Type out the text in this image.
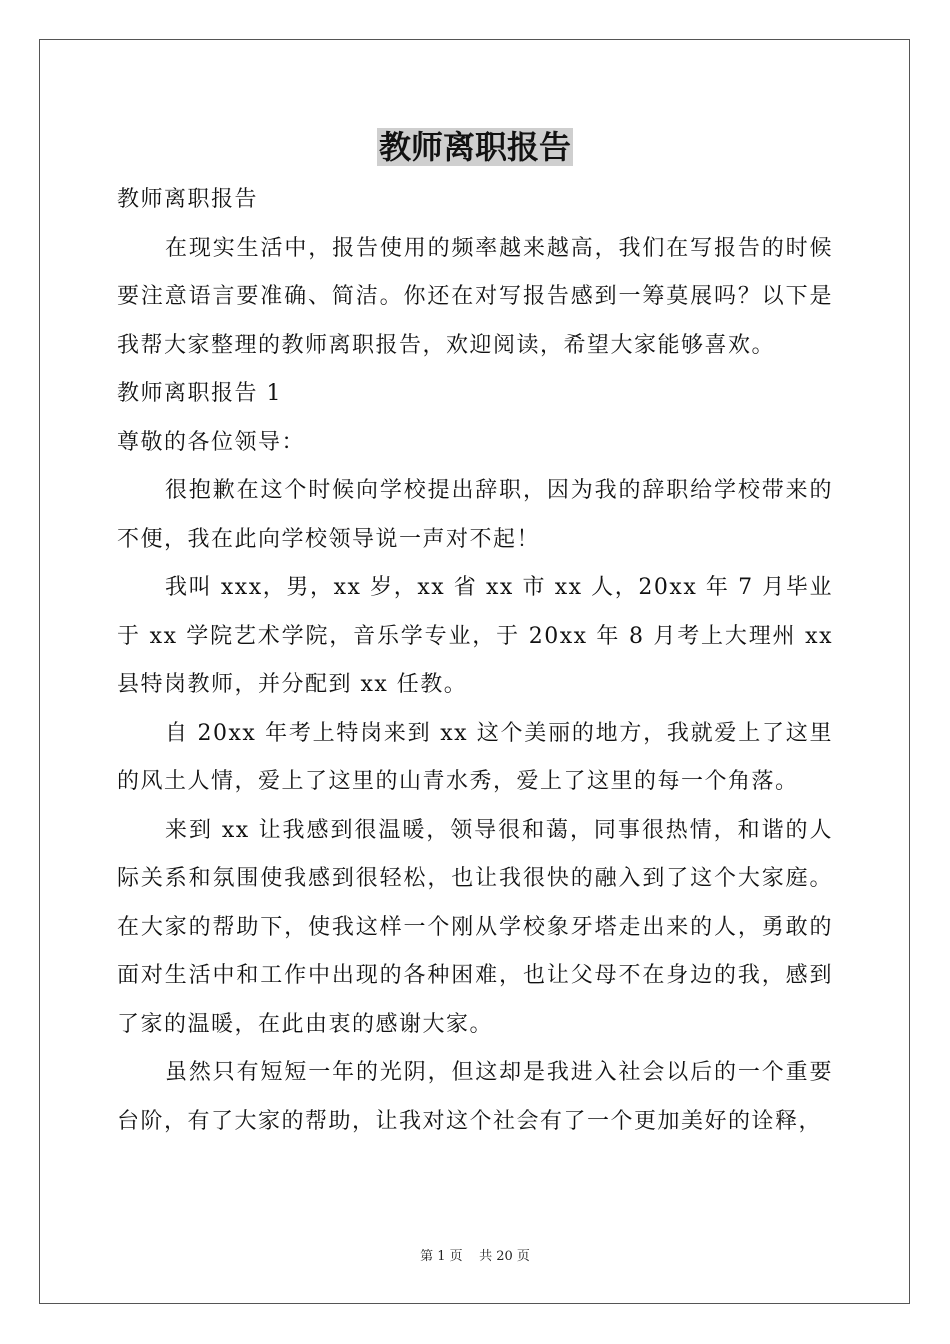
教师离职报告
教师离职报告
在现实生活中，报告使用的频率越来越高，我们在写报告的时候要注意语言要准确、简洁。你还在对写报告感到一筹莫展吗？以下是我帮大家整理的教师离职报告，欢迎阅读，希望大家能够喜欢。
教师离职报告 1
尊敬的各位领导：
很抱歉在这个时候向学校提出辞职，因为我的辞职给学校带来的不便，我在此向学校领导说一声对不起！
我叫 xxx，男，xx 岁，xx 省 xx 市 xx 人，20xx 年 7 月毕业于 xx 学院艺术学院，音乐学专业，于 20xx 年 8 月考上大理州 xx 县特岗教师，并分配到 xx 任教。
自 20xx 年考上特岗来到 xx 这个美丽的地方，我就爱上了这里的风土人情，爱上了这里的山青水秀，爱上了这里的每一个角落。
来到 xx 让我感到很温暖，领导很和蔼，同事很热情，和谐的人际关系和氛围使我感到很轻松，也让我很快的融入到了这个大家庭。在大家的帮助下，使我这样一个刚从学校象牙塔走出来的人，勇敢的面对生活中和工作中出现的各种困难，也让父母不在身边的我，感到了家的温暖，在此由衷的感谢大家。
虽然只有短短一年的光阴，但这却是我进入社会以后的一个重要台阶，有了大家的帮助，让我对这个社会有了一个更加美好的诠释，
第 1 页    共 20 页
